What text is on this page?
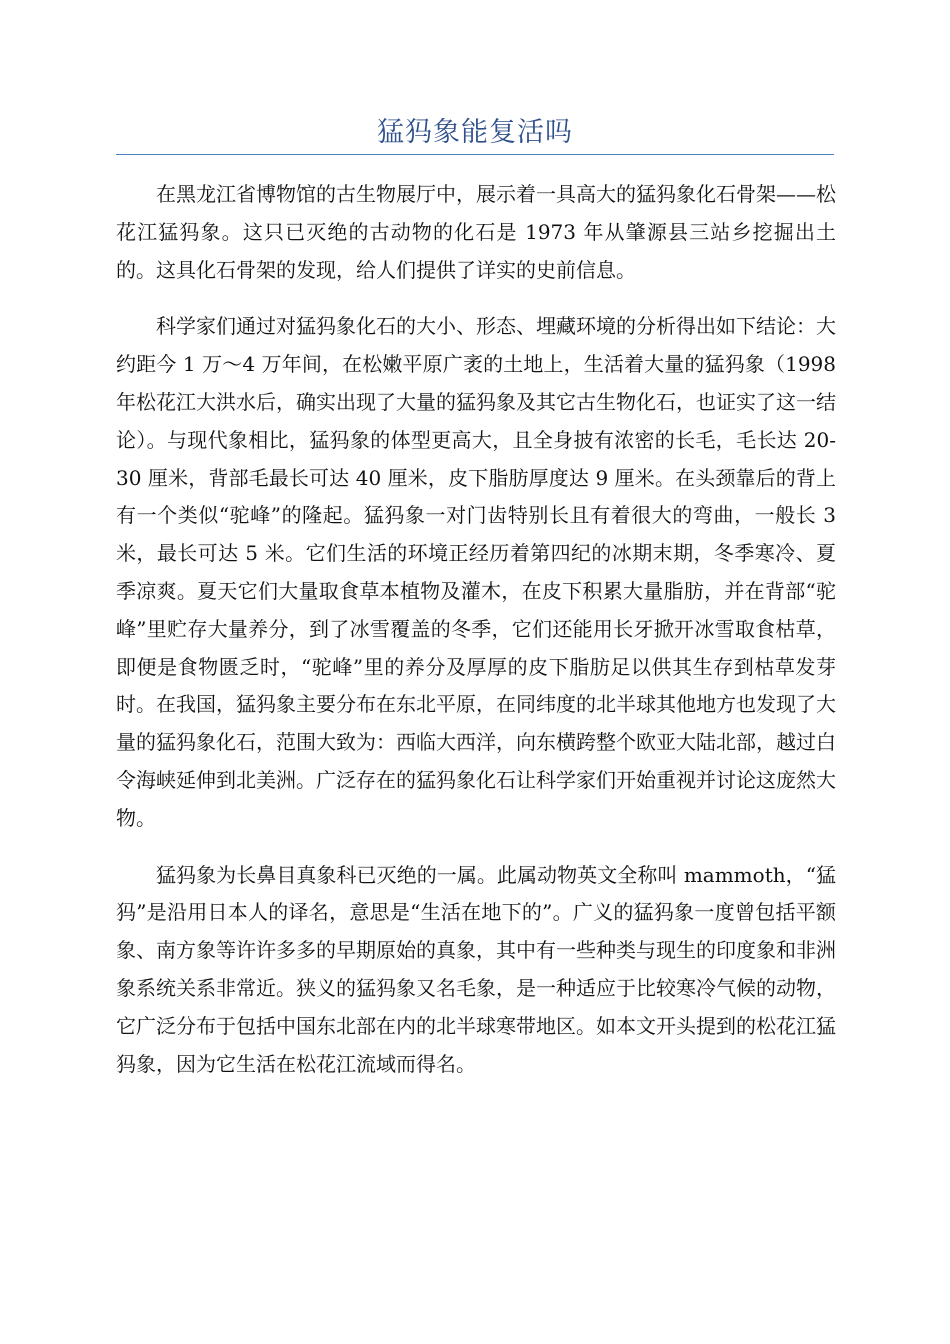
猛犸象能复活吗

在黑龙江省博物馆的古生物展厅中，展示着一具高大的猛犸象化石骨架——松花江猛犸象。这只已灭绝的古动物的化石是 1973 年从肇源县三站乡挖掘出土的。这具化石骨架的发现，给人们提供了详实的史前信息。

科学家们通过对猛犸象化石的大小、形态、埋藏环境的分析得出如下结论：大约距今 1 万～4 万年间，在松嫩平原广袤的土地上，生活着大量的猛犸象（1998 年松花江大洪水后，确实出现了大量的猛犸象及其它古生物化石，也证实了这一结论）。与现代象相比，猛犸象的体型更高大，且全身披有浓密的长毛，毛长达 20-30 厘米，背部毛最长可达 40 厘米，皮下脂肪厚度达 9 厘米。在头颈靠后的背上有一个类似“驼峰”的隆起。猛犸象一对门齿特别长且有着很大的弯曲，一般长 3 米，最长可达 5 米。它们生活的环境正经历着第四纪的冰期末期，冬季寒冷、夏季凉爽。夏天它们大量取食草本植物及灌木，在皮下积累大量脂肪，并在背部“驼峰”里贮存大量养分，到了冰雪覆盖的冬季，它们还能用长牙掀开冰雪取食枯草，即便是食物匮乏时，“驼峰”里的养分及厚厚的皮下脂肪足以供其生存到枯草发芽时。在我国，猛犸象主要分布在东北平原，在同纬度的北半球其他地方也发现了大量的猛犸象化石，范围大致为：西临大西洋，向东横跨整个欧亚大陆北部，越过白令海峡延伸到北美洲。广泛存在的猛犸象化石让科学家们开始重视并讨论这庞然大物。

猛犸象为长鼻目真象科已灭绝的一属。此属动物英文全称叫 mammoth，“猛犸”是沿用日本人的译名，意思是“生活在地下的”。广义的猛犸象一度曾包括平额象、南方象等许许多多的早期原始的真象，其中有一些种类与现生的印度象和非洲象系统关系非常近。狭义的猛犸象又名毛象，是一种适应于比较寒冷气候的动物，它广泛分布于包括中国东北部在内的北半球寒带地区。如本文开头提到的松花江猛犸象，因为它生活在松花江流域而得名。
